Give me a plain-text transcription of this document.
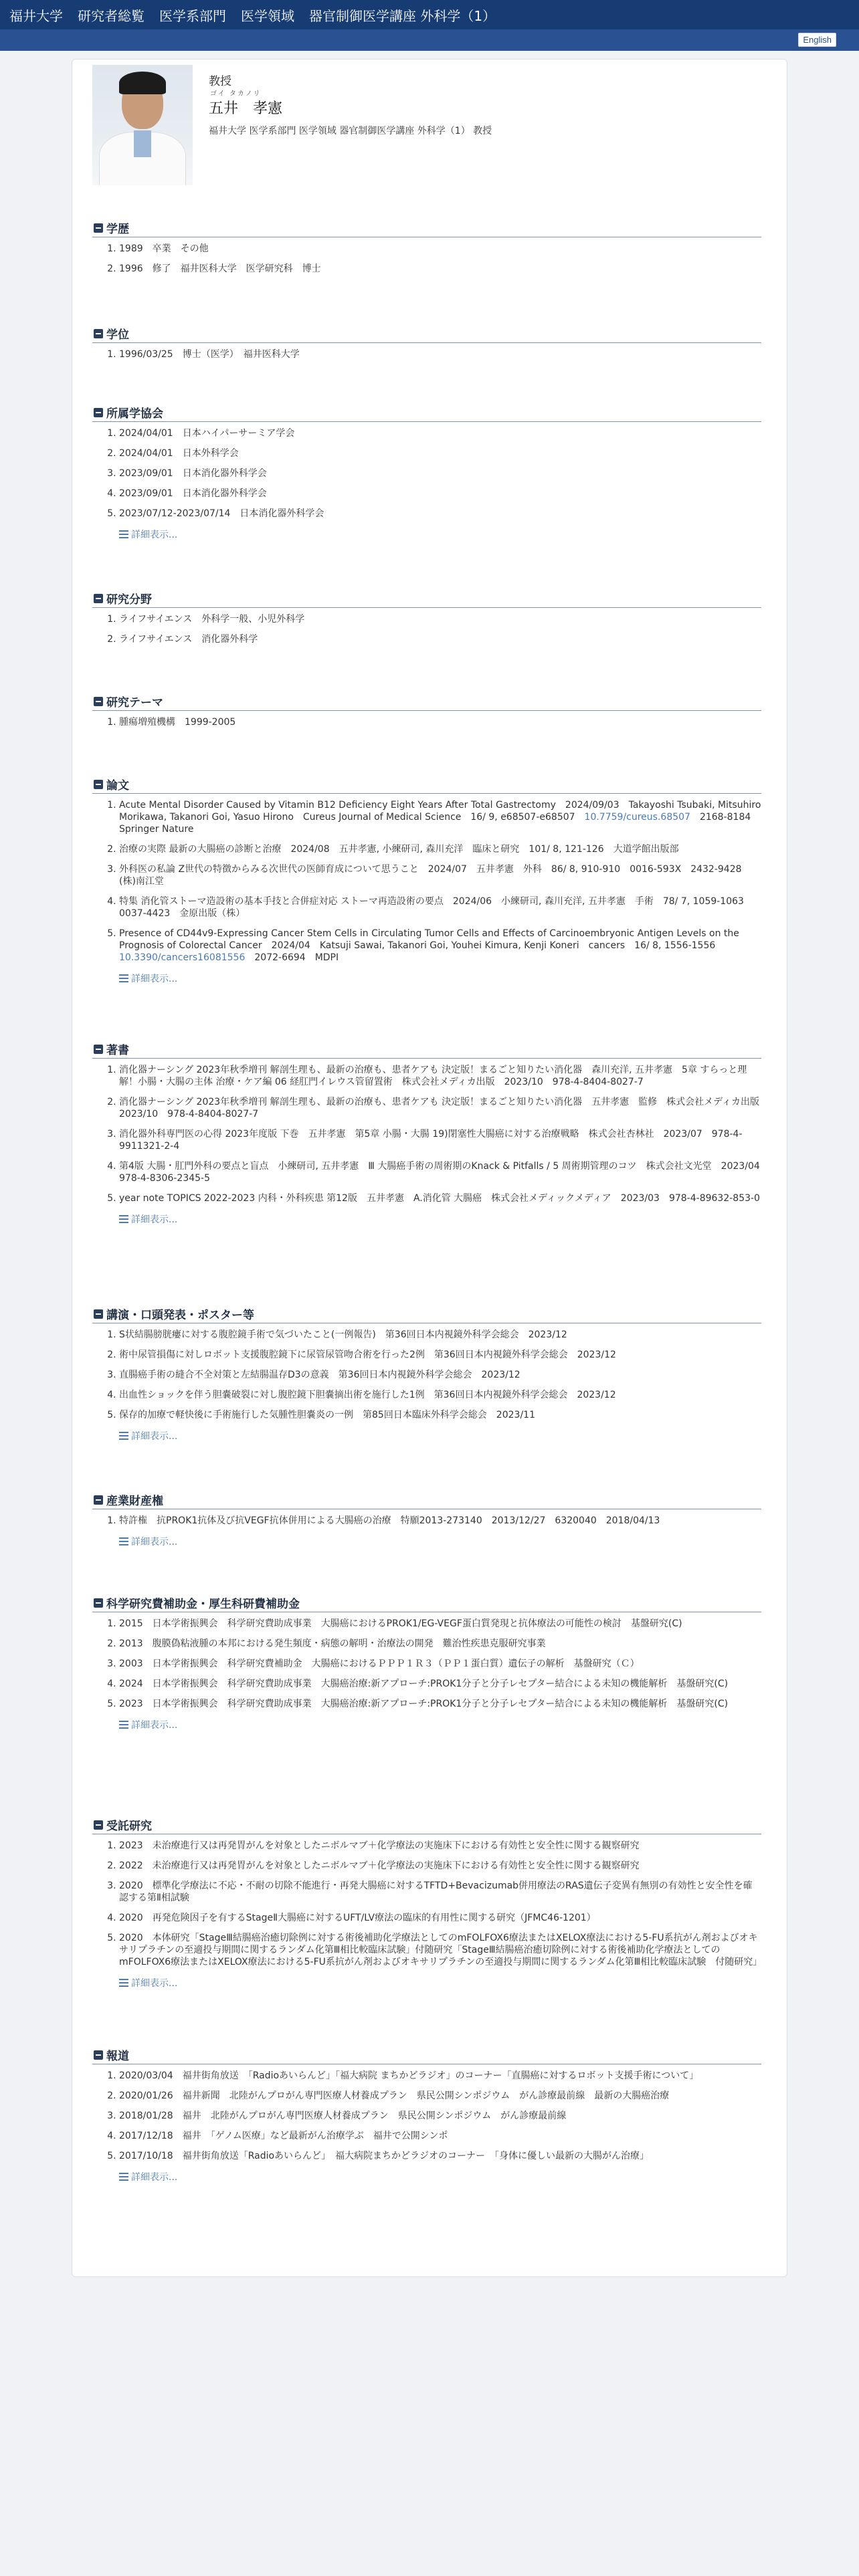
福井大学 研究者総覧 医学系部門 医学領域 器官制御医学講座 外科学（1）
English
教授
ゴイ タカノリ
五井　孝憲
福井大学 医学系部門 医学領域 器官制御医学講座 外科学（1） 教授
学歴
1. 1989　卒業　その他
2. 1996　修了　福井医科大学　医学研究科　博士
学位
1. 1996/03/25　博士（医学）　福井医科大学
所属学協会
1. 2024/04/01　日本ハイパーサーミア学会
2. 2024/04/01　日本外科学会
3. 2023/09/01　日本消化器外科学会
4. 2023/09/01　日本消化器外科学会
5. 2023/07/12-2023/07/14　日本消化器外科学会
詳細表示...
研究分野
1. ライフサイエンス　外科学一般、小児外科学
2. ライフサイエンス　消化器外科学
研究テーマ
1. 腫瘍増殖機構　1999-2005
論文
1. Acute Mental Disorder Caused by Vitamin B12 Deficiency Eight Years After Total Gastrectomy　2024/09/03　Takayoshi Tsubaki, Mitsuhiro Morikawa, Takanori Goi, Yasuo Hirono　Cureus Journal of Medical Science　16/ 9, e68507-e68507　10.7759/cureus.68507　2168-8184　Springer Nature
2. 治療の実際 最新の大腸癌の診断と治療　2024/08　五井孝憲, 小練研司, 森川充洋　臨床と研究　101/ 8, 121-126　大道学館出版部
3. 外科医の私論 Z世代の特徴からみる次世代の医師育成について思うこと　2024/07　五井孝憲　外科　86/ 8, 910-910　0016-593X　2432-9428　(株)南江堂
4. 特集 消化管ストーマ造設術の基本手技と合併症対応 ストーマ再造設術の要点　2024/06　小練研司, 森川充洋, 五井孝憲　手術　78/ 7, 1059-1063　0037-4423　金原出版（株）
5. Presence of CD44v9-Expressing Cancer Stem Cells in Circulating Tumor Cells and Effects of Carcinoembryonic Antigen Levels on the Prognosis of Colorectal Cancer　2024/04　Katsuji Sawai, Takanori Goi, Youhei Kimura, Kenji Koneri　cancers　16/ 8, 1556-1556　10.3390/cancers16081556　2072-6694　MDPI
詳細表示...
著書
1. 消化器ナーシング 2023年秋季増刊 解剖生理も、最新の治療も、患者ケアも 決定版！まるごと知りたい消化器　森川充洋, 五井孝憲　5章 すらっと理解！小腸・大腸の主体 治療・ケア編 06 経肛門イレウス管留置術　株式会社メディカ出版　2023/10　978-4-8404-8027-7
2. 消化器ナーシング 2023年秋季増刊 解剖生理も、最新の治療も、患者ケアも 決定版！まるごと知りたい消化器　五井孝憲　監修　株式会社メディカ出版　2023/10　978-4-8404-8027-7
3. 消化器外科専門医の心得 2023年度版 下巻　五井孝憲　第5章 小腸・大腸 19)閉塞性大腸癌に対する治療戦略　株式会社杏林社　2023/07　978-4-9911321-2-4
4. 第4版 大腸・肛門外科の要点と盲点　小練研司, 五井孝憲　Ⅲ 大腸癌手術の周術期のKnack & Pitfalls / 5 周術期管理のコツ　株式会社文光堂　2023/04　978-4-8306-2345-5
5. year note TOPICS 2022-2023 内科・外科疾患 第12版　五井孝憲　A.消化管 大腸癌　株式会社メディックメディア　2023/03　978-4-89632-853-0
詳細表示...
講演・口頭発表・ポスター等
1. S状結腸膀胱瘻に対する腹腔鏡手術で気づいたこと(一例報告)　第36回日本内視鏡外科学会総会　2023/12
2. 術中尿管損傷に対しロボット支援腹腔鏡下に尿管尿管吻合術を行った2例　第36回日本内視鏡外科学会総会　2023/12
3. 直腸癌手術の縫合不全対策と左結腸温存D3の意義　第36回日本内視鏡外科学会総会　2023/12
4. 出血性ショックを伴う胆嚢破裂に対し腹腔鏡下胆嚢摘出術を施行した1例　第36回日本内視鏡外科学会総会　2023/12
5. 保存的加療で軽快後に手術施行した気腫性胆嚢炎の一例　第85回日本臨床外科学会総会　2023/11
詳細表示...
産業財産権
1. 特許権　抗PROK1抗体及び抗VEGF抗体併用による大腸癌の治療　特願2013-273140　2013/12/27　6320040　2018/04/13
詳細表示...
科学研究費補助金・厚生科研費補助金
1. 2015　日本学術振興会　科学研究費助成事業　大腸癌におけるPROK1/EG-VEGF蛋白質発現と抗体療法の可能性の検討　基盤研究(C)
2. 2013　腹膜偽粘液腫の本邦における発生頻度・病態の解明・治療法の開発　難治性疾患克服研究事業
3. 2003　日本学術振興会　科学研究費補助金　大腸癌におけるＰＰＰ１Ｒ３（ＰＰ１蛋白質）遺伝子の解析　基盤研究（Ｃ）
4. 2024　日本学術振興会　科学研究費助成事業　大腸癌治療:新アプローチ:PROK1分子と分子レセプター結合による未知の機能解析　基盤研究(C)
5. 2023　日本学術振興会　科学研究費助成事業　大腸癌治療:新アプローチ:PROK1分子と分子レセプター結合による未知の機能解析　基盤研究(C)
詳細表示...
受託研究
1. 2023　未治療進行又は再発胃がんを対象としたニボルマブ＋化学療法の実施床下における有効性と安全性に関する観察研究
2. 2022　未治療進行又は再発胃がんを対象としたニボルマブ＋化学療法の実施床下における有効性と安全性に関する観察研究
3. 2020　標準化学療法に不応・不耐の切除不能進行・再発大腸癌に対するTFTD+Bevacizumab併用療法のRAS遺伝子変異有無別の有効性と安全性を確認する第Ⅱ相試験
4. 2020　再発危険因子を有するStageⅡ大腸癌に対するUFT/LV療法の臨床的有用性に関する研究（JFMC46-1201）
5. 2020　本体研究「StageⅢ結腸癌治癒切除例に対する術後補助化学療法としてのmFOLFOX6療法またはXELOX療法における5-FU系抗がん剤およびオキサリプラチンの至適投与期間に関するランダム化第Ⅲ相比較臨床試験」付随研究「StageⅢ結腸癌治癒切除例に対する術後補助化学療法としてのmFOLFOX6療法またはXELOX療法における5-FU系抗がん剤およびオキサリプラチンの至適投与期間に関するランダム化第Ⅲ相比較臨床試験　付随研究」
詳細表示...
報道
1. 2020/03/04　福井街角放送　「Radioあいらんど」「福大病院 まちかどラジオ」のコーナー「直腸癌に対するロボット支援手術について」
2. 2020/01/26　福井新聞　北陸がんプロがん専門医療人材養成プラン　県民公開シンポジウム　がん診療最前線　最新の大腸癌治療
3. 2018/01/28　福井　北陸がんプロがん専門医療人材養成プラン　県民公開シンポジウム　がん診療最前線
4. 2017/12/18　福井　「ゲノム医療」など最新がん治療学ぶ　福井で公開シンポ
5. 2017/10/18　福井街角放送「Radioあいらんど」　福大病院まちかどラジオのコーナー　「身体に優しい最新の大腸がん治療」
詳細表示...
